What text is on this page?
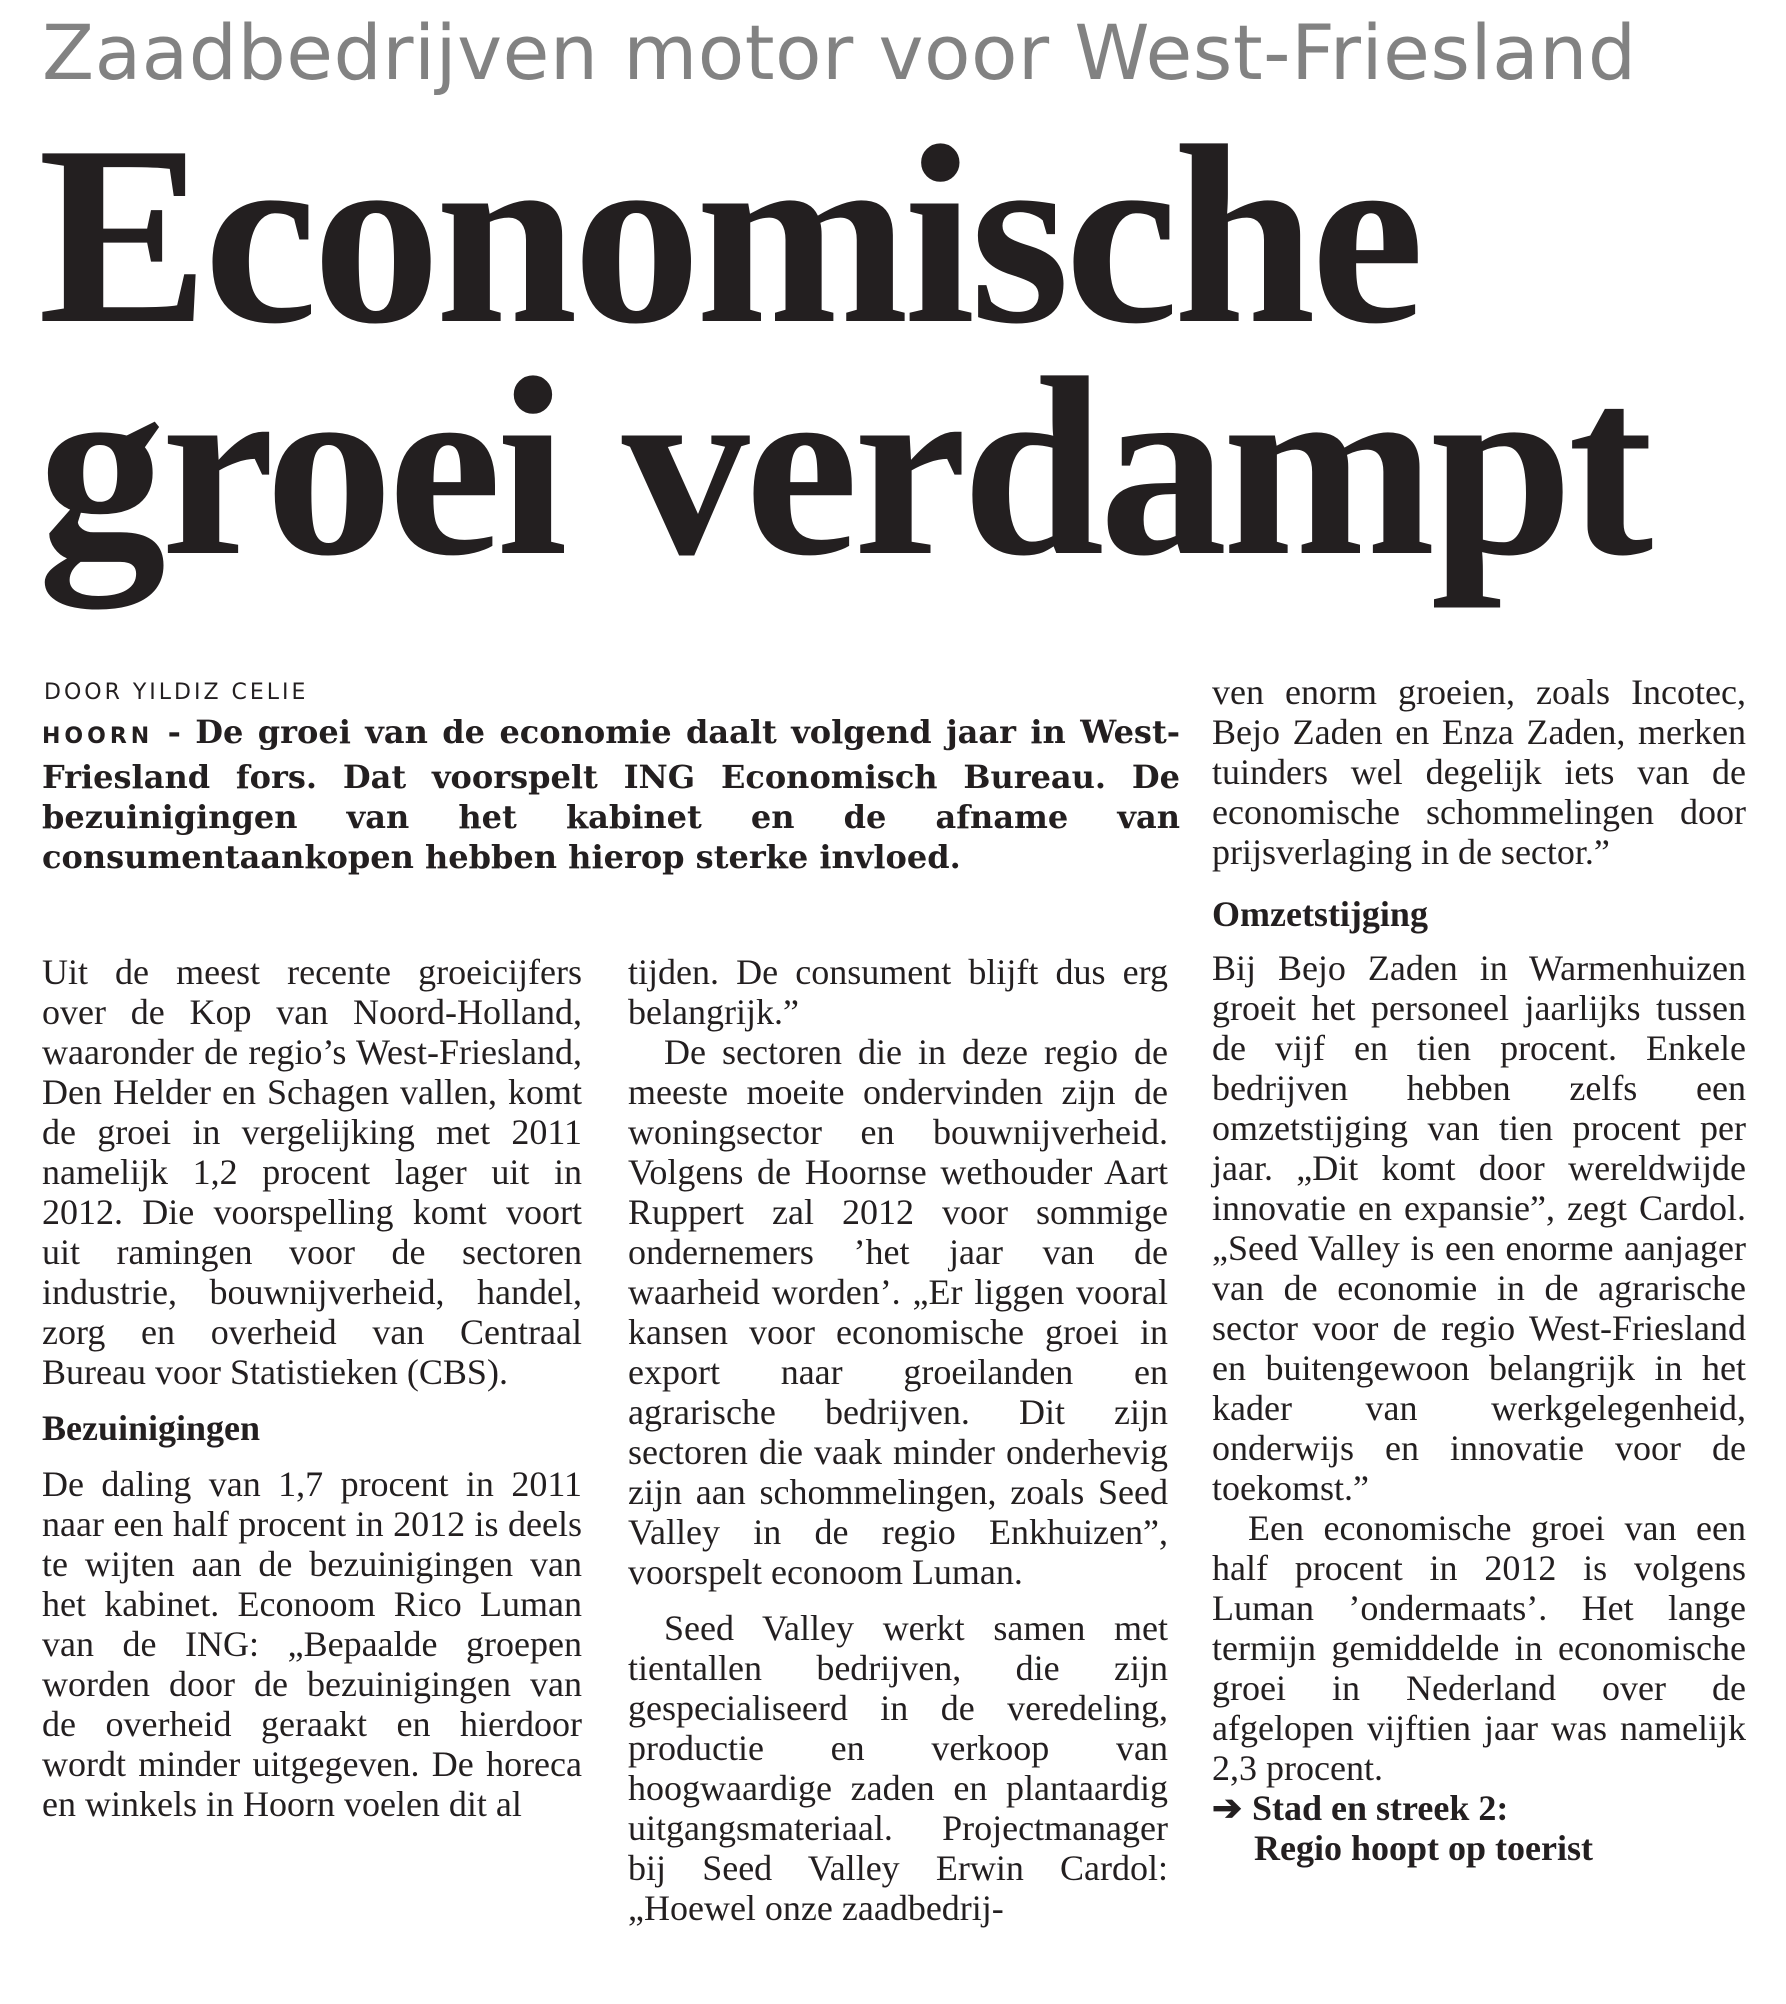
Zaadbedrijven motor voor West-Friesland
Economische
groei verdampt
DOOR YILDIZ CELIE
HOORN - De groei van de economie daalt volgend jaar in West-Friesland fors. Dat voorspelt ING Economisch Bureau. De bezuinigingen van het kabinet en de afname van consumentaankopen hebben hierop sterke invloed.

Uit de meest recente groeicijfers over de Kop van Noord-Holland, waaronder de regio’s West-Friesland, Den Helder en Schagen vallen, komt de groei in vergelijking met 2011 namelijk 1,2 procent lager uit in 2012. Die voorspelling komt voort uit ramingen voor de sectoren industrie, bouwnijverheid, handel, zorg en overheid van Centraal Bureau voor Statistieken (CBS).

Bezuinigingen

De daling van 1,7 procent in 2011 naar een half procent in 2012 is deels te wijten aan de bezuinigingen van het kabinet. Econoom Rico Luman van de ING: „Bepaalde groepen worden door de bezuinigingen van de overheid geraakt en hierdoor wordt minder uitgegeven. De horeca en winkels in Hoorn voelen dit al

tijden. De consument blijft dus erg belangrijk.”

De sectoren die in deze regio de meeste moeite ondervinden zijn de woningsector en bouwnijverheid. Volgens de Hoornse wethouder Aart Ruppert zal 2012 voor sommige ondernemers ’het jaar van de waarheid worden’. „Er liggen vooral kansen voor economische groei in export naar groeilanden en agrarische bedrijven. Dit zijn sectoren die vaak minder onderhevig zijn aan schommelingen, zoals Seed Valley in de regio Enkhuizen”, voorspelt econoom Luman.

Seed Valley werkt samen met tientallen bedrijven, die zijn gespecialiseerd in de veredeling, productie en verkoop van hoogwaardige zaden en plantaardig uitgangsmateriaal. Projectmanager bij Seed Valley Erwin Cardol: „Hoewel onze zaadbedrij-

ven enorm groeien, zoals Incotec, Bejo Zaden en Enza Zaden, merken tuinders wel degelijk iets van de economische schommelingen door prijsverlaging in de sector.”

Omzetstijging

Bij Bejo Zaden in Warmenhuizen groeit het personeel jaarlijks tussen de vijf en tien procent. Enkele bedrijven hebben zelfs een omzetstijging van tien procent per jaar. „Dit komt door wereldwijde innovatie en expansie”, zegt Cardol. „Seed Valley is een enorme aanjager van de economie in de agrarische sector voor de regio West-Friesland en buitengewoon belangrijk in het kader van werkgelegenheid, onderwijs en innovatie voor de toekomst.”

Een economische groei van een half procent in 2012 is volgens Luman ’ondermaats’. Het lange termijn gemiddelde in economische groei in Nederland over de afgelopen vijftien jaar was namelijk 2,3 procent.

➔ Stad en streek 2:
Regio hoopt op toerist
